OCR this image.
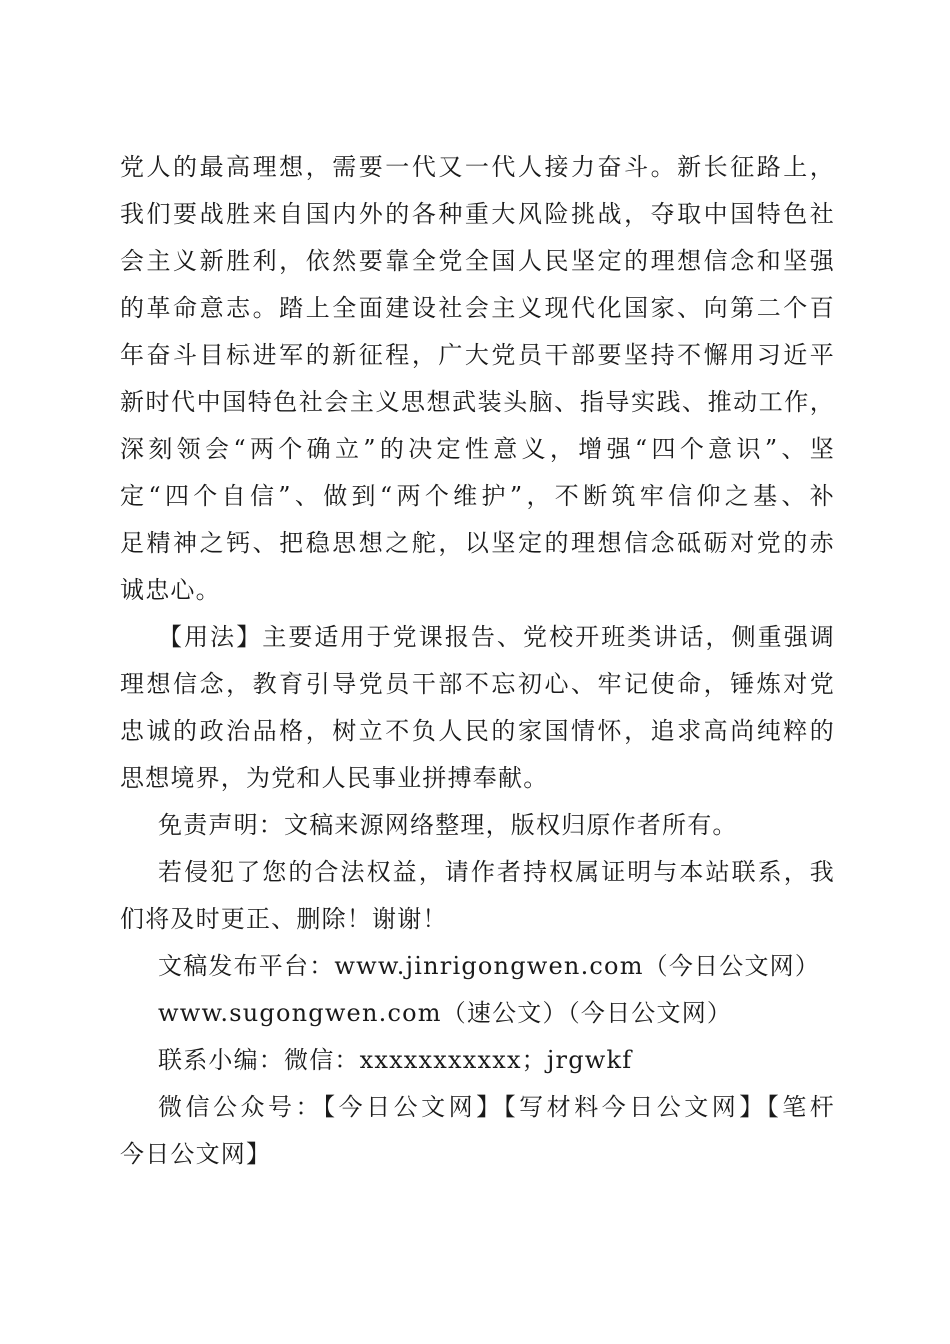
党人的最高理想，需要一代又一代人接力奋斗。新长征路上，
我们要战胜来自国内外的各种重大风险挑战，夺取中国特色社
会主义新胜利，依然要靠全党全国人民坚定的理想信念和坚强
的革命意志。踏上全面建设社会主义现代化国家、向第二个百
年奋斗目标进军的新征程，广大党员干部要坚持不懈用习近平
新时代中国特色社会主义思想武装头脑、指导实践、推动工作，
深刻领会“两个确立”的决定性意义，增强“四个意识”、坚
定“四个自信”、做到“两个维护”，不断筑牢信仰之基、补
足精神之钙、把稳思想之舵，以坚定的理想信念砥砺对党的赤
诚忠心。
【用法】主要适用于党课报告、党校开班类讲话，侧重强调
理想信念，教育引导党员干部不忘初心、牢记使命，锤炼对党
忠诚的政治品格，树立不负人民的家国情怀，追求高尚纯粹的
思想境界，为党和人民事业拼搏奉献。
免责声明：文稿来源网络整理，版权归原作者所有。
若侵犯了您的合法权益，请作者持权属证明与本站联系，我
们将及时更正、删除！谢谢！
文稿发布平台：www.jinrigongwen.com（今日公文网）
www.sugongwen.com（速公文）（今日公文网）
联系小编：微信：xxxxxxxxxxx；jrgwkf
微信公众号：【今日公文网】【写材料今日公文网】【笔杆
今日公文网】
